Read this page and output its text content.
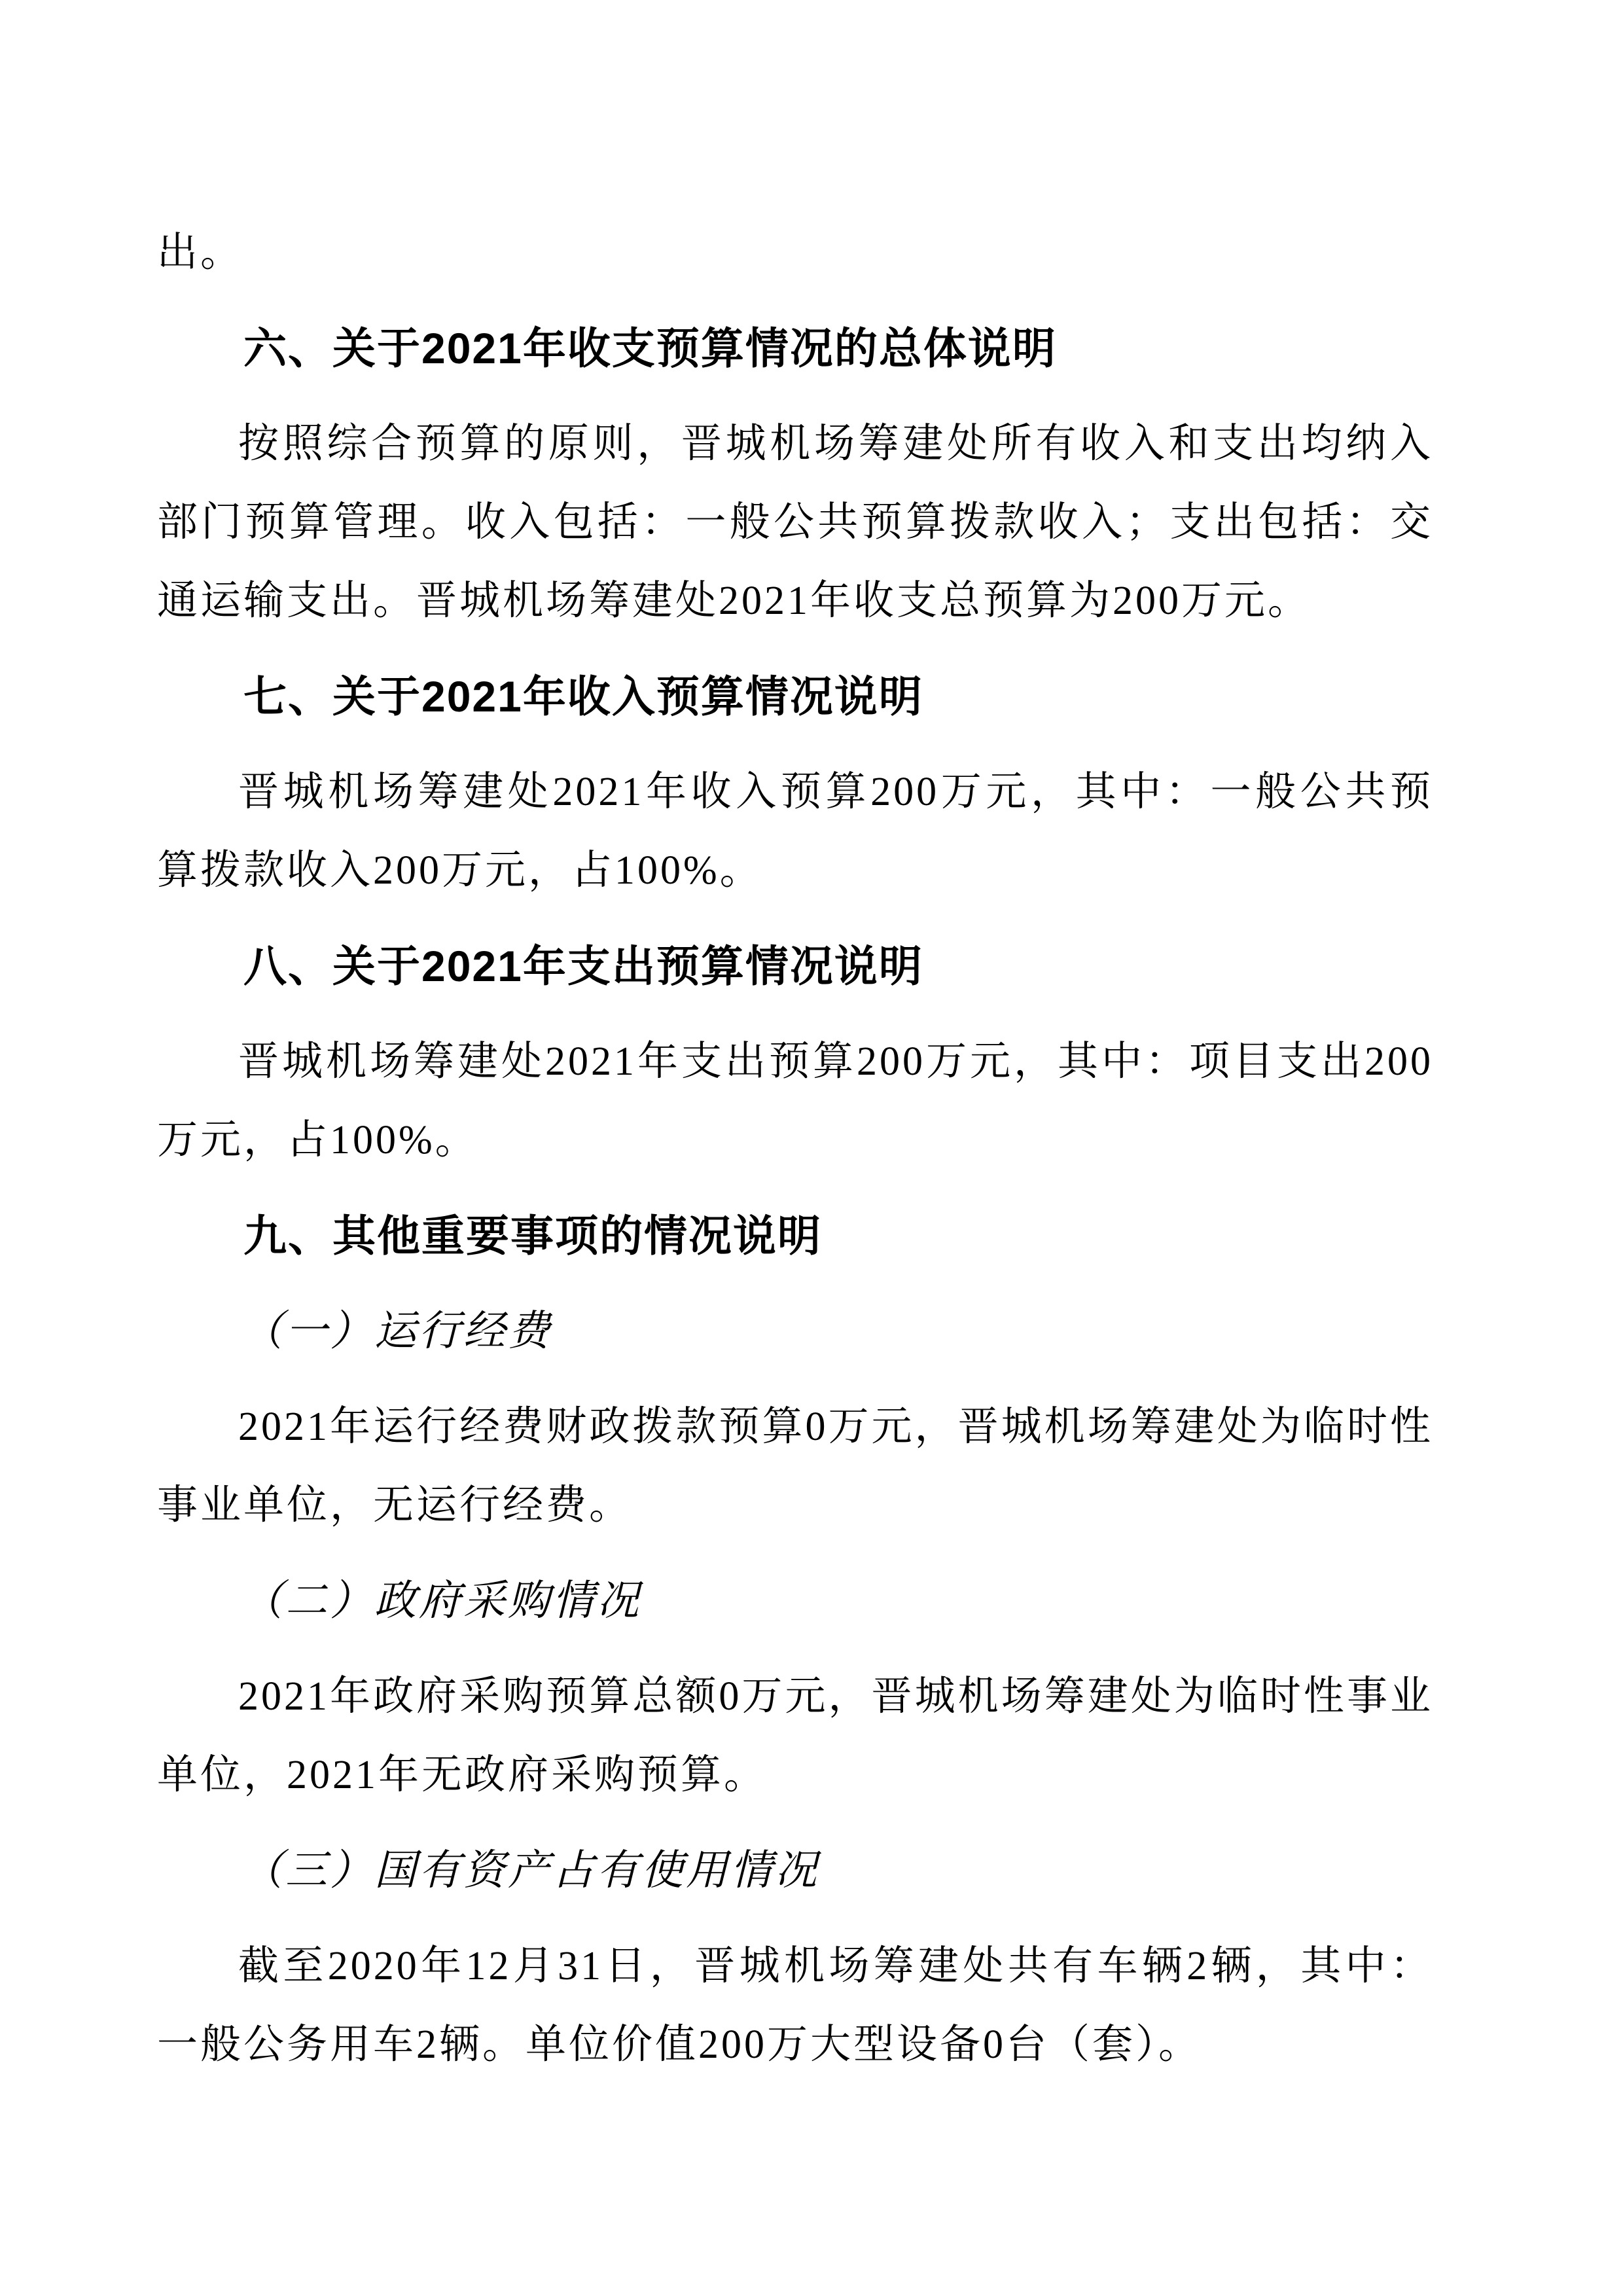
出。

六、关于2021年收支预算情况的总体说明

按照综合预算的原则，晋城机场筹建处所有收入和支出均纳入部门预算管理。收入包括：一般公共预算拨款收入；支出包括：交通运输支出。晋城机场筹建处2021年收支总预算为200万元。

七、关于2021年收入预算情况说明

晋城机场筹建处2021年收入预算200万元，其中：一般公共预算拨款收入200万元，占100%。

八、关于2021年支出预算情况说明

晋城机场筹建处2021年支出预算200万元，其中：项目支出200万元，占100%。

九、其他重要事项的情况说明

（一）运行经费

2021年运行经费财政拨款预算0万元，晋城机场筹建处为临时性事业单位，无运行经费。

（二）政府采购情况

2021年政府采购预算总额0万元，晋城机场筹建处为临时性事业单位，2021年无政府采购预算。

（三）国有资产占有使用情况

截至2020年12月31日，晋城机场筹建处共有车辆2辆，其中：一般公务用车2辆。单位价值200万大型设备0台（套）。
